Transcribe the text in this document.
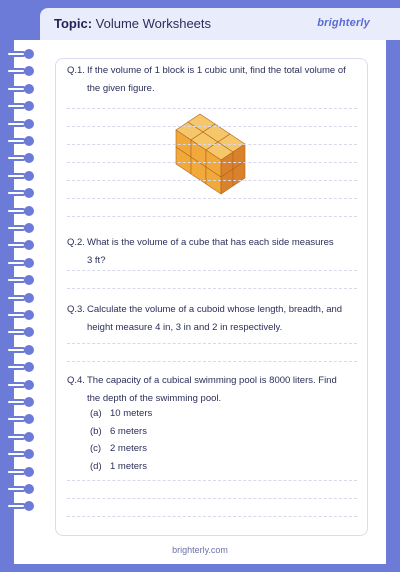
Topic: Volume Worksheets	brighterly
Q.1. If the volume of 1 block is 1 cubic unit, find the total volume of
the given figure.
Q.2. What is the volume of a cube that has each side measures
3 ft?
Q.3. Calculate the volume of a cuboid whose length, breadth, and
height measure 4 in, 3 in and 2 in respectively.
Q.4. The capacity of a cubical swimming pool is 8000 liters. Find
the depth of the swimming pool.
(a) 10 meters
(b) 6 meters
(c) 2 meters
(d) 1 meters
brighterly.com
